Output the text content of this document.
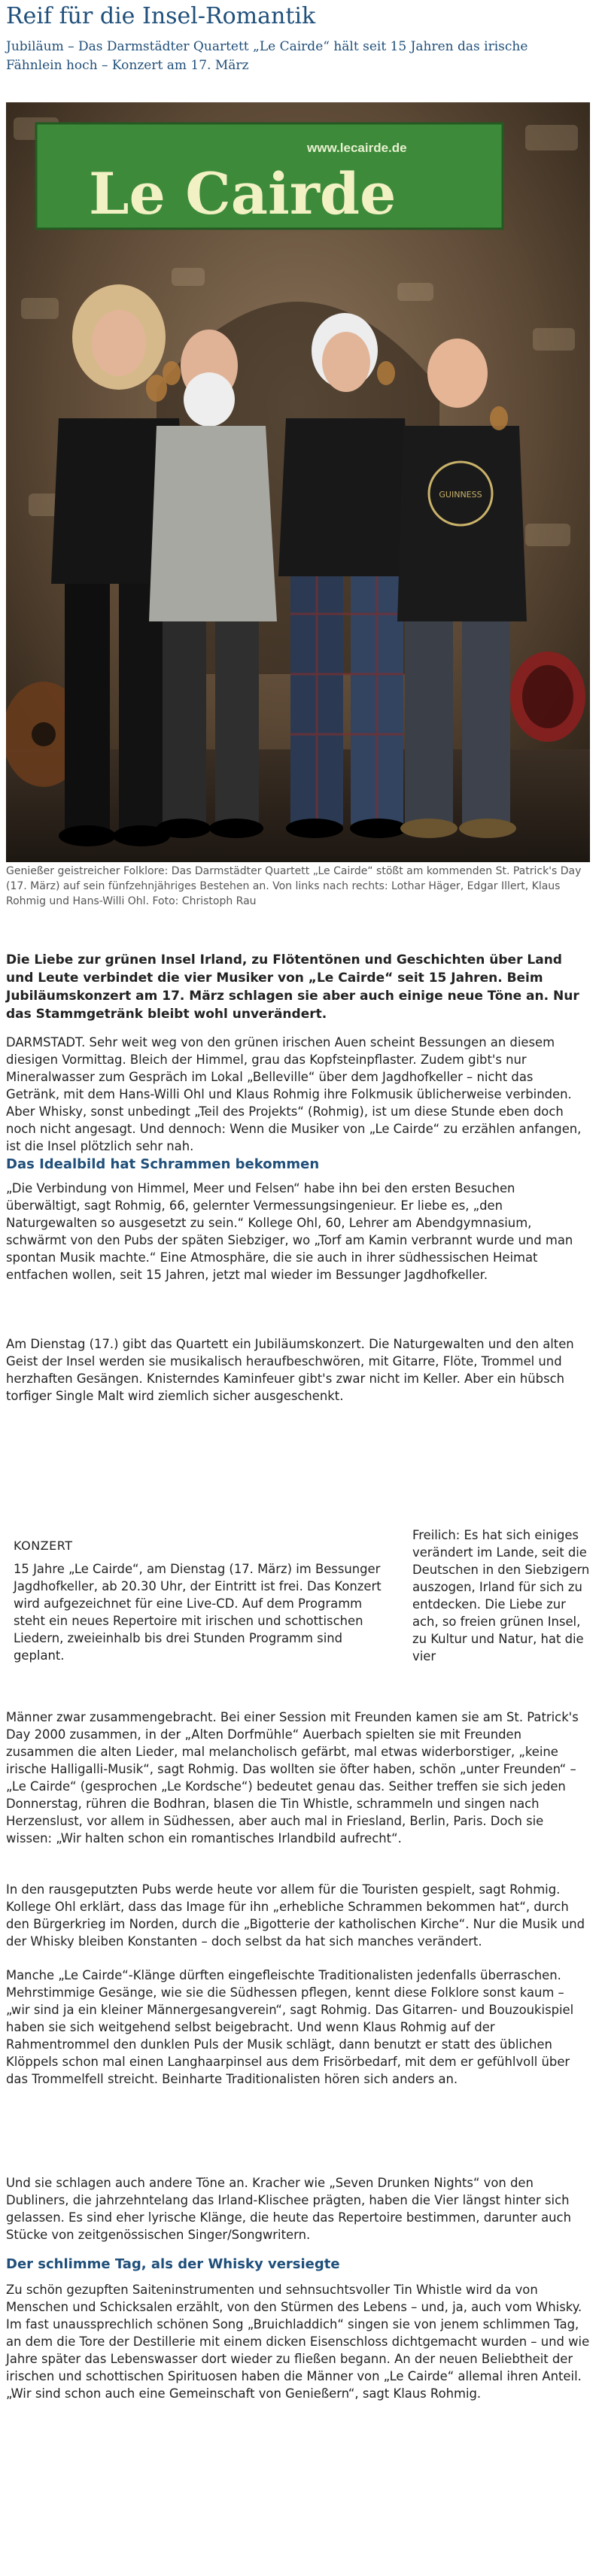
Reif für die Insel-Romantik
Jubiläum – Das Darmstädter Quartett „Le Cairde“ hält seit 15 Jahren das irische Fähnlein hoch – Konzert am 17. März
www.lecairde.de
Le Cairde
GUINNESS
Genießer geistreicher Folklore: Das Darmstädter Quartett „Le Cairde“ stößt am kommenden St. Patrick's Day (17. März) auf sein fünfzehnjähriges Bestehen an. Von links nach rechts: Lothar Häger, Edgar Illert, Klaus Rohmig und Hans-Willi Ohl. Foto: Christoph Rau
Die Liebe zur grünen Insel Irland, zu Flötentönen und Geschichten über Land und Leute verbindet die vier Musiker von „Le Cairde“ seit 15 Jahren. Beim Jubiläumskonzert am 17. März schlagen sie aber auch einige neue Töne an. Nur das Stammgetränk bleibt wohl unverändert.
DARMSTADT. Sehr weit weg von den grünen irischen Auen scheint Bessungen an diesem diesigen Vormittag. Bleich der Himmel, grau das Kopfsteinpflaster. Zudem gibt's nur Mineralwasser zum Gespräch im Lokal „Belleville“ über dem Jagdhofkeller – nicht das Getränk, mit dem Hans-Willi Ohl und Klaus Rohmig ihre Folkmusik üblicherweise verbinden. Aber Whisky, sonst unbedingt „Teil des Projekts“ (Rohmig), ist um diese Stunde eben doch noch nicht angesagt. Und dennoch: Wenn die Musiker von „Le Cairde“ zu erzählen anfangen, ist die Insel plötzlich sehr nah.
Das Idealbild hat Schrammen bekommen
„Die Verbindung von Himmel, Meer und Felsen“ habe ihn bei den ersten Besuchen überwältigt, sagt Rohmig, 66, gelernter Vermessungsingenieur. Er liebe es, „den Naturgewalten so ausgesetzt zu sein.“ Kollege Ohl, 60, Lehrer am Abendgymnasium, schwärmt von den Pubs der späten Siebziger, wo „Torf am Kamin verbrannt wurde und man spontan Musik machte.“ Eine Atmosphäre, die sie auch in ihrer südhessischen Heimat entfachen wollen, seit 15 Jahren, jetzt mal wieder im Bessunger Jagdhofkeller.
Am Dienstag (17.) gibt das Quartett ein Jubiläumskonzert. Die Naturgewalten und den alten Geist der Insel werden sie musikalisch heraufbeschwören, mit Gitarre, Flöte, Trommel und herzhaften Gesängen. Knisterndes Kaminfeuer gibt's zwar nicht im Keller. Aber ein hübsch torfiger Single Malt wird ziemlich sicher ausgeschenkt.
KONZERT
15 Jahre „Le Cairde“, am Dienstag (17. März) im Bessunger Jagdhofkeller, ab 20.30 Uhr, der Eintritt ist frei. Das Konzert wird aufgezeichnet für eine Live-CD. Auf dem Programm steht ein neues Repertoire mit irischen und schottischen Liedern, zweieinhalb bis drei Stunden Programm sind geplant.
Freilich: Es hat sich einiges verändert im Lande, seit die Deutschen in den Siebzigern auszogen, Irland für sich zu entdecken. Die Liebe zur ach, so freien grünen Insel, zu Kultur und Natur, hat die vier
Männer zwar zusammengebracht. Bei einer Session mit Freunden kamen sie am St. Patrick's Day 2000 zusammen, in der „Alten Dorfmühle“ Auerbach spielten sie mit Freunden zusammen die alten Lieder, mal melancholisch gefärbt, mal etwas widerborstiger, „keine irische Halligalli-Musik“, sagt Rohmig. Das wollten sie öfter haben, schön „unter Freunden“ – „Le Cairde“ (gesprochen „Le Kordsche“) bedeutet genau das. Seither treffen sie sich jeden Donnerstag, rühren die Bodhran, blasen die Tin Whistle, schrammeln und singen nach Herzenslust, vor allem in Südhessen, aber auch mal in Friesland, Berlin, Paris. Doch sie wissen: „Wir halten schon ein romantisches Irlandbild aufrecht“.
In den rausgeputzten Pubs werde heute vor allem für die Touristen gespielt, sagt Rohmig. Kollege Ohl erklärt, dass das Image für ihn „erhebliche Schrammen bekommen hat“, durch den Bürgerkrieg im Norden, durch die „Bigotterie der katholischen Kirche“. Nur die Musik und der Whisky bleiben Konstanten – doch selbst da hat sich manches verändert.
Manche „Le Cairde“-Klänge dürften eingefleischte Traditionalisten jedenfalls überraschen. Mehrstimmige Gesänge, wie sie die Südhessen pflegen, kennt diese Folklore sonst kaum – „wir sind ja ein kleiner Männergesangverein“, sagt Rohmig. Das Gitarren- und Bouzoukispiel haben sie sich weitgehend selbst beigebracht. Und wenn Klaus Rohmig auf der Rahmentrommel den dunklen Puls der Musik schlägt, dann benutzt er statt des üblichen Klöppels schon mal einen Langhaarpinsel aus dem Frisörbedarf, mit dem er gefühlvoll über das Trommelfell streicht. Beinharte Traditionalisten hören sich anders an.
Und sie schlagen auch andere Töne an. Kracher wie „Seven Drunken Nights“ von den Dubliners, die jahrzehntelang das Irland-Klischee prägten, haben die Vier längst hinter sich gelassen. Es sind eher lyrische Klänge, die heute das Repertoire bestimmen, darunter auch Stücke von zeitgenössischen Singer/Songwritern.
Der schlimme Tag, als der Whisky versiegte
Zu schön gezupften Saiteninstrumenten und sehnsuchtsvoller Tin Whistle wird da von Menschen und Schicksalen erzählt, von den Stürmen des Lebens – und, ja, auch vom Whisky. Im fast unaussprechlich schönen Song „Bruichladdich“ singen sie von jenem schlimmen Tag, an dem die Tore der Destillerie mit einem dicken Eisenschloss dichtgemacht wurden – und wie Jahre später das Lebenswasser dort wieder zu fließen begann. An der neuen Beliebtheit der irischen und schottischen Spirituosen haben die Männer von „Le Cairde“ allemal ihren Anteil. „Wir sind schon auch eine Gemeinschaft von Genießern“, sagt Klaus Rohmig.
